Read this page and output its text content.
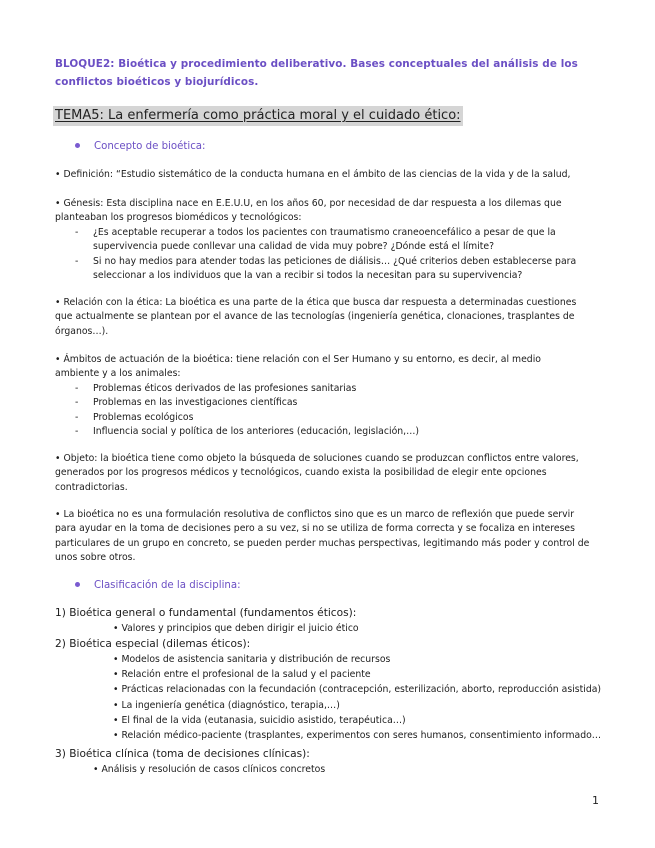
BLOQUE2: Bioética y procedimiento deliberativo. Bases conceptuales del análisis de los
conflictos bioéticos y biojurídicos.
TEMA5: La enfermería como práctica moral y el cuidado ético:
Concepto de bioética:
• Definición: “Estudio sistemático de la conducta humana en el ámbito de las ciencias de la vida y de la salud,
• Génesis: Esta disciplina nace en E.E.U.U, en los años 60, por necesidad de dar respuesta a los dilemas que
planteaban los progresos biomédicos y tecnológicos:
- ¿Es aceptable recuperar a todos los pacientes con traumatismo craneoencefálico a pesar de que la
supervivencia puede conllevar una calidad de vida muy pobre? ¿Dónde está el límite?
- Si no hay medios para atender todas las peticiones de diálisis… ¿Qué criterios deben establecerse para
seleccionar a los individuos que la van a recibir si todos la necesitan para su supervivencia?
• Relación con la ética: La bioética es una parte de la ética que busca dar respuesta a determinadas cuestiones
que actualmente se plantean por el avance de las tecnologías (ingeniería genética, clonaciones, trasplantes de
órganos…).
• Ámbitos de actuación de la bioética: tiene relación con el Ser Humano y su entorno, es decir, al medio
ambiente y a los animales:
- Problemas éticos derivados de las profesiones sanitarias
- Problemas en las investigaciones científicas
- Problemas ecológicos
- Influencia social y política de los anteriores (educación, legislación,…)
• Objeto: la bioética tiene como objeto la búsqueda de soluciones cuando se produzcan conflictos entre valores,
generados por los progresos médicos y tecnológicos, cuando exista la posibilidad de elegir ente opciones
contradictorias.
• La bioética no es una formulación resolutiva de conflictos sino que es un marco de reflexión que puede servir
para ayudar en la toma de decisiones pero a su vez, si no se utiliza de forma correcta y se focaliza en intereses
particulares de un grupo en concreto, se pueden perder muchas perspectivas, legitimando más poder y control de
unos sobre otros.
Clasificación de la disciplina:
1) Bioética general o fundamental (fundamentos éticos):
• Valores y principios que deben dirigir el juicio ético
2) Bioética especial (dilemas éticos):
• Modelos de asistencia sanitaria y distribución de recursos
• Relación entre el profesional de la salud y el paciente
• Prácticas relacionadas con la fecundación (contracepción, esterilización, aborto, reproducción asistida)
• La ingeniería genética (diagnóstico, terapia,…)
• El final de la vida (eutanasia, suicidio asistido, terapéutica…)
• Relación médico-paciente (trasplantes, experimentos con seres humanos, consentimiento informado…
3) Bioética clínica (toma de decisiones clínicas):
• Análisis y resolución de casos clínicos concretos
1
